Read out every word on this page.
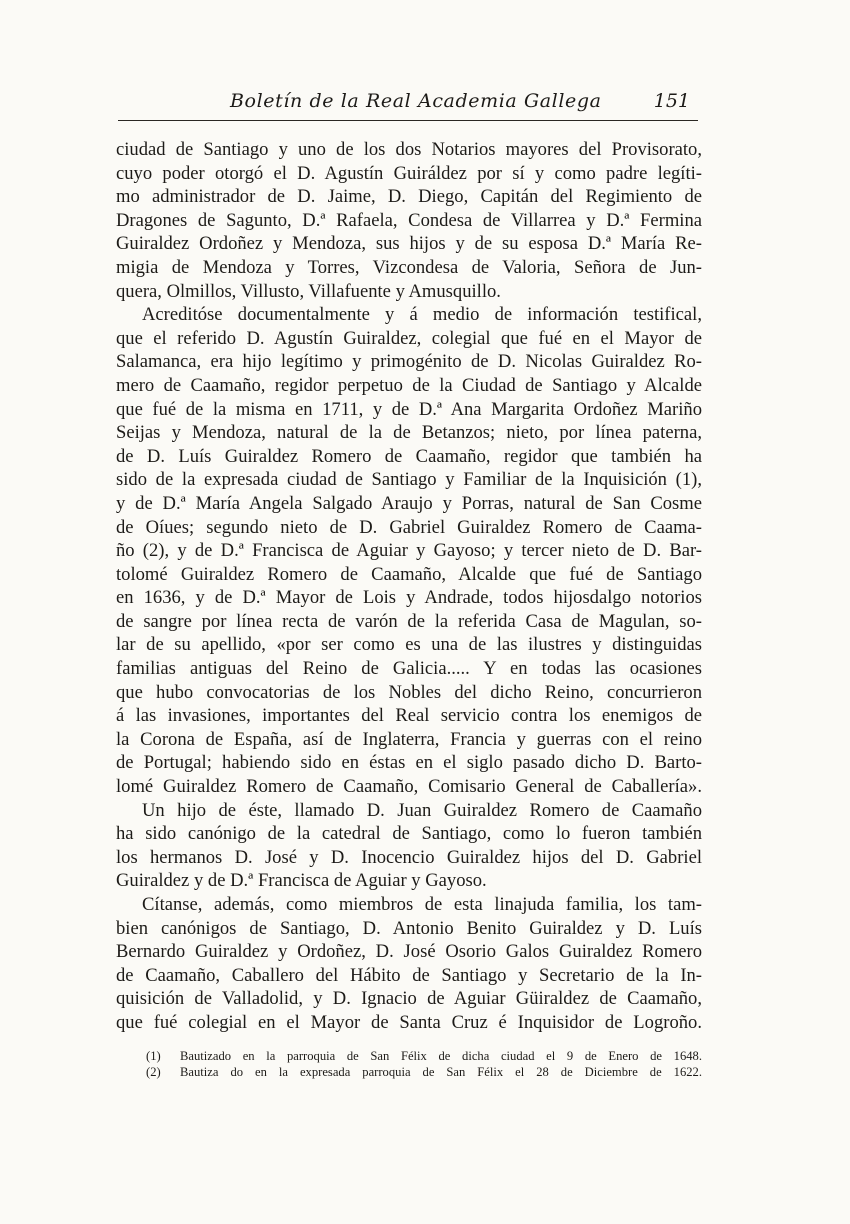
Boletín de la Real Academia Gallega	151
ciudad de Santiago y uno de los dos Notarios mayores del Provisorato,
cuyo poder otorgó el D. Agustín Guiráldez por sí y como padre legíti-
mo administrador de D. Jaime, D. Diego, Capitán del Regimiento de
Dragones de Sagunto, D.ª Rafaela, Condesa de Villarrea y D.ª Fermina
Guiraldez Ordoñez y Mendoza, sus hijos y de su esposa D.ª María Re-
migia de Mendoza y Torres, Vizcondesa de Valoria, Señora de Jun-
quera, Olmillos, Villusto, Villafuente y Amusquillo.
Acreditóse documentalmente y á medio de información testifical,
que el referido D. Agustín Guiraldez, colegial que fué en el Mayor de
Salamanca, era hijo legítimo y primogénito de D. Nicolas Guiraldez Ro-
mero de Caamaño, regidor perpetuo de la Ciudad de Santiago y Alcalde
que fué de la misma en 1711, y de D.ª Ana Margarita Ordoñez Mariño
Seijas y Mendoza, natural de la de Betanzos; nieto, por línea paterna,
de D. Luís Guiraldez Romero de Caamaño, regidor que también ha
sido de la expresada ciudad de Santiago y Familiar de la Inquisición (1),
y de D.ª María Angela Salgado Araujo y Porras, natural de San Cosme
de Oíues; segundo nieto de D. Gabriel Guiraldez Romero de Caama-
ño (2), y de D.ª Francisca de Aguiar y Gayoso; y tercer nieto de D. Bar-
tolomé Guiraldez Romero de Caamaño, Alcalde que fué de Santiago
en 1636, y de D.ª Mayor de Lois y Andrade, todos hijosdalgo notorios
de sangre por línea recta de varón de la referida Casa de Magulan, so-
lar de su apellido, «por ser como es una de las ilustres y distinguidas
familias antiguas del Reino de Galicia..... Y en todas las ocasiones
que hubo convocatorias de los Nobles del dicho Reino, concurrieron
á las invasiones, importantes del Real servicio contra los enemigos de
la Corona de España, así de Inglaterra, Francia y guerras con el reino
de Portugal; habiendo sido en éstas en el siglo pasado dicho D. Barto-
lomé Guiraldez Romero de Caamaño, Comisario General de Caballería».
Un hijo de éste, llamado D. Juan Guiraldez Romero de Caamaño
ha sido canónigo de la catedral de Santiago, como lo fueron también
los hermanos D. José y D. Inocencio Guiraldez hijos del D. Gabriel
Guiraldez y de D.ª Francisca de Aguiar y Gayoso.
Cítanse, además, como miembros de esta linajuda familia, los tam-
bien canónigos de Santiago, D. Antonio Benito Guiraldez y D. Luís
Bernardo Guiraldez y Ordoñez, D. José Osorio Galos Guiraldez Romero
de Caamaño, Caballero del Hábito de Santiago y Secretario de la In-
quisición de Valladolid, y D. Ignacio de Aguiar Güiraldez de Caamaño,
que fué colegial en el Mayor de Santa Cruz é Inquisidor de Logroño.
(1) Bautizado en la parroquia de San Félix de dicha ciudad el 9 de Enero de 1648.
(2) Bautiza do en la expresada parroquia de San Félix el 28 de Diciembre de 1622.
